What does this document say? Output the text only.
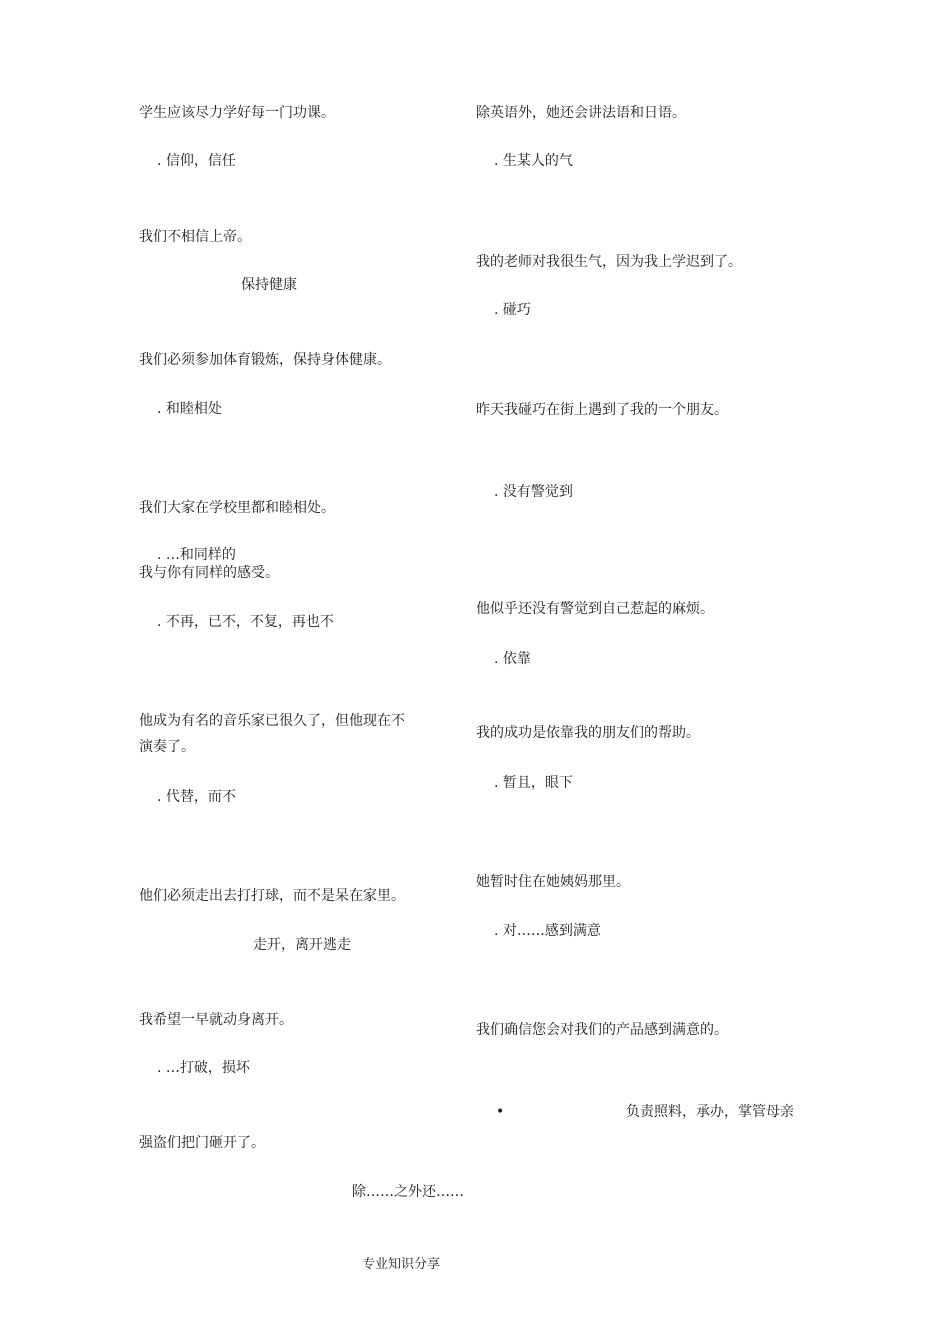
学生应该尽力学好每一门功课。
. 信仰，信任
我们不相信上帝。
保持健康
我们必须参加体育锻炼，保持身体健康。
. 和睦相处
我们大家在学校里都和睦相处。
. …和同样的
我与你有同样的感受。
. 不再，已不，不复，再也不
他成为有名的音乐家已很久了，但他现在不
演奏了。
. 代替，而不
他们必须走出去打打球，而不是呆在家里。
走开，离开逃走
我希望一早就动身离开。
. …打破，损坏
强盗们把门砸开了。
除英语外，她还会讲法语和日语。
. 生某人的气
我的老师对我很生气，因为我上学迟到了。
. 碰巧
昨天我碰巧在街上遇到了我的一个朋友。
. 没有警觉到
他似乎还没有警觉到自己惹起的麻烦。
. 依靠
我的成功是依靠我的朋友们的帮助。
. 暂且，眼下
她暂时住在她姨妈那里。
. 对……感到满意
我们确信您会对我们的产品感到满意的。
•	负责照料，承办，掌管母亲
除……之外还……
专业知识分享
